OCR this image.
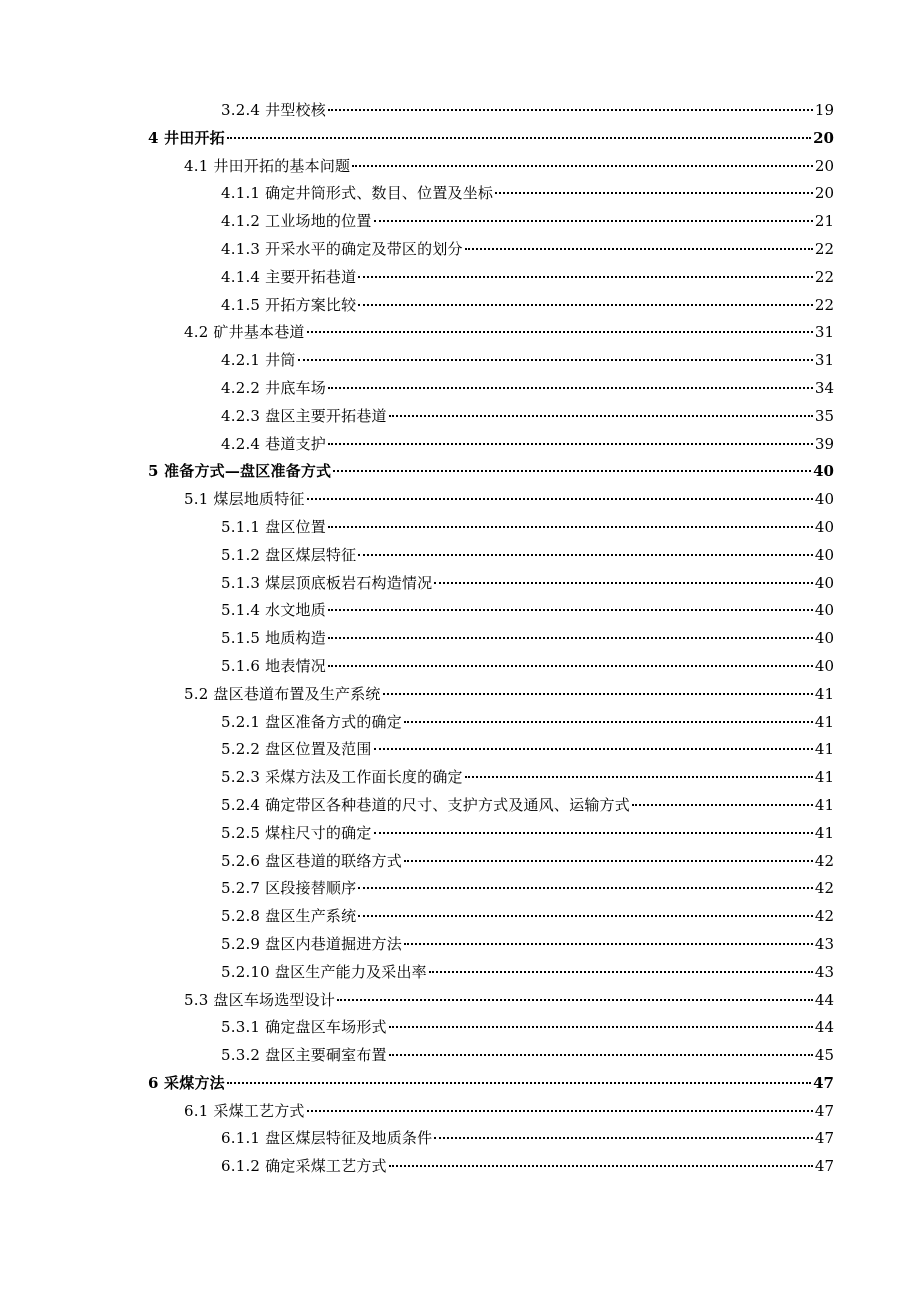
3.2.4 井型校核	19
4 井田开拓	20
4.1 井田开拓的基本问题	20
4.1.1 确定井筒形式、数目、位置及坐标	20
4.1.2 工业场地的位置	21
4.1.3 开采水平的确定及带区的划分	22
4.1.4 主要开拓巷道	22
4.1.5 开拓方案比较	22
4.2 矿井基本巷道	31
4.2.1 井筒	31
4.2.2 井底车场	34
4.2.3 盘区主要开拓巷道	35
4.2.4 巷道支护	39
5 准备方式—盘区准备方式	40
5.1 煤层地质特征	40
5.1.1 盘区位置	40
5.1.2 盘区煤层特征	40
5.1.3 煤层顶底板岩石构造情况	40
5.1.4 水文地质	40
5.1.5 地质构造	40
5.1.6 地表情况	40
5.2 盘区巷道布置及生产系统	41
5.2.1 盘区准备方式的确定	41
5.2.2 盘区位置及范围	41
5.2.3 采煤方法及工作面长度的确定	41
5.2.4 确定带区各种巷道的尺寸、支护方式及通风、运输方式	41
5.2.5 煤柱尺寸的确定	41
5.2.6 盘区巷道的联络方式	42
5.2.7 区段接替顺序	42
5.2.8 盘区生产系统	42
5.2.9 盘区内巷道掘进方法	43
5.2.10 盘区生产能力及采出率	43
5.3 盘区车场选型设计	44
5.3.1 确定盘区车场形式	44
5.3.2 盘区主要硐室布置	45
6 采煤方法	47
6.1 采煤工艺方式	47
6.1.1 盘区煤层特征及地质条件	47
6.1.2 确定采煤工艺方式	47
